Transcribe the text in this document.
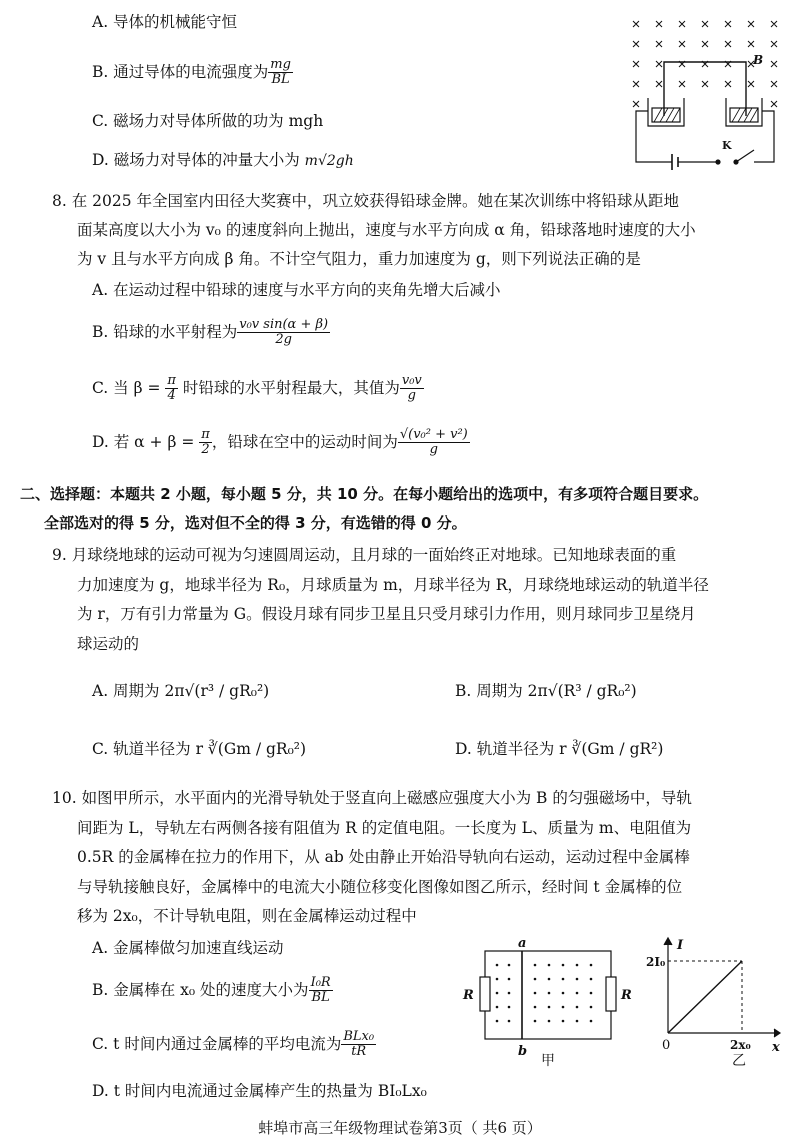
A. 导体的机械能守恒
B. 通过导体的电流强度为 $\frac{mg}{BL}$
C. 磁场力对导体所做的功为 mgh
D. 磁场力对导体的冲量大小为 m√2gh
B
K
8. 在 2025 年全国室内田径大奖赛中，巩立姣获得铅球金牌。她在某次训练中将铅球从距地
面某高度以大小为 v₀ 的速度斜向上抛出，速度与水平方向成 α 角，铅球落地时速度的大小
为 v 且与水平方向成 β 角。不计空气阻力，重力加速度为 g，则下列说法正确的是
A. 在运动过程中铅球的速度与水平方向的夹角先增大后减小
B. 铅球的水平射程为 $\frac{\text{v₀v sin(α + β)}}{2g}$
C. 当 $\beta = \frac{\pi}{4}$ 时铅球的水平射程最大，其值为 $\frac{\text{v₀v}}{g}$
D. 若 $\alpha + \beta = \frac{\pi}{2}$ ，铅球在空中的运动时间为 $\frac{\text{√(v₀² + v²)}}{g}$
二、选择题：本题共 2 小题，每小题 5 分，共 10 分。在每小题给出的选项中，有多项符合题目要求。
全部选对的得 5 分，选对但不全的得 3 分，有选错的得 0 分。
9. 月球绕地球的运动可视为匀速圆周运动，且月球的一面始终正对地球。已知地球表面的重
力加速度为 g，地球半径为 R₀，月球质量为 m，月球半径为 R，月球绕地球运动的轨道半径
为 r，万有引力常量为 G。假设月球有同步卫星且只受月球引力作用，则月球同步卫星绕月
球运动的
A. 周期为 2π√(r³ / gR₀²)	B. 周期为 2π√(R³ / gR₀²)
C. 轨道半径为 r ∛(Gm / gR₀²)	D. 轨道半径为 r ∛(Gm / gR²)
10. 如图甲所示，水平面内的光滑导轨处于竖直向上磁感应强度大小为 B 的匀强磁场中，导轨
间距为 L，导轨左右两侧各接有阻值为 R 的定值电阻。一长度为 L、质量为 m、电阻值为
0.5R 的金属棒在拉力的作用下，从 ab 处由静止开始沿导轨向右运动，运动过程中金属棒
与导轨接触良好，金属棒中的电流大小随位移变化图像如图乙所示，经时间 t 金属棒的位
移为 2x₀，不计导轨电阻，则在金属棒运动过程中
A. 金属棒做匀加速直线运动
B. 金属棒在 x₀ 处的速度大小为 $\frac{\text{I₀R}}{BL}$
C. t 时间内通过金属棒的平均电流为 $\frac{\text{BLx₀}}{tR}$
D. t 时间内电流通过金属棒产生的热量为 BI₀Lx₀
a
b
R	R
甲
I
x
0
2I₀
2x₀
乙
蚌埠市高三年级物理试卷第3页（ 共6 页）
